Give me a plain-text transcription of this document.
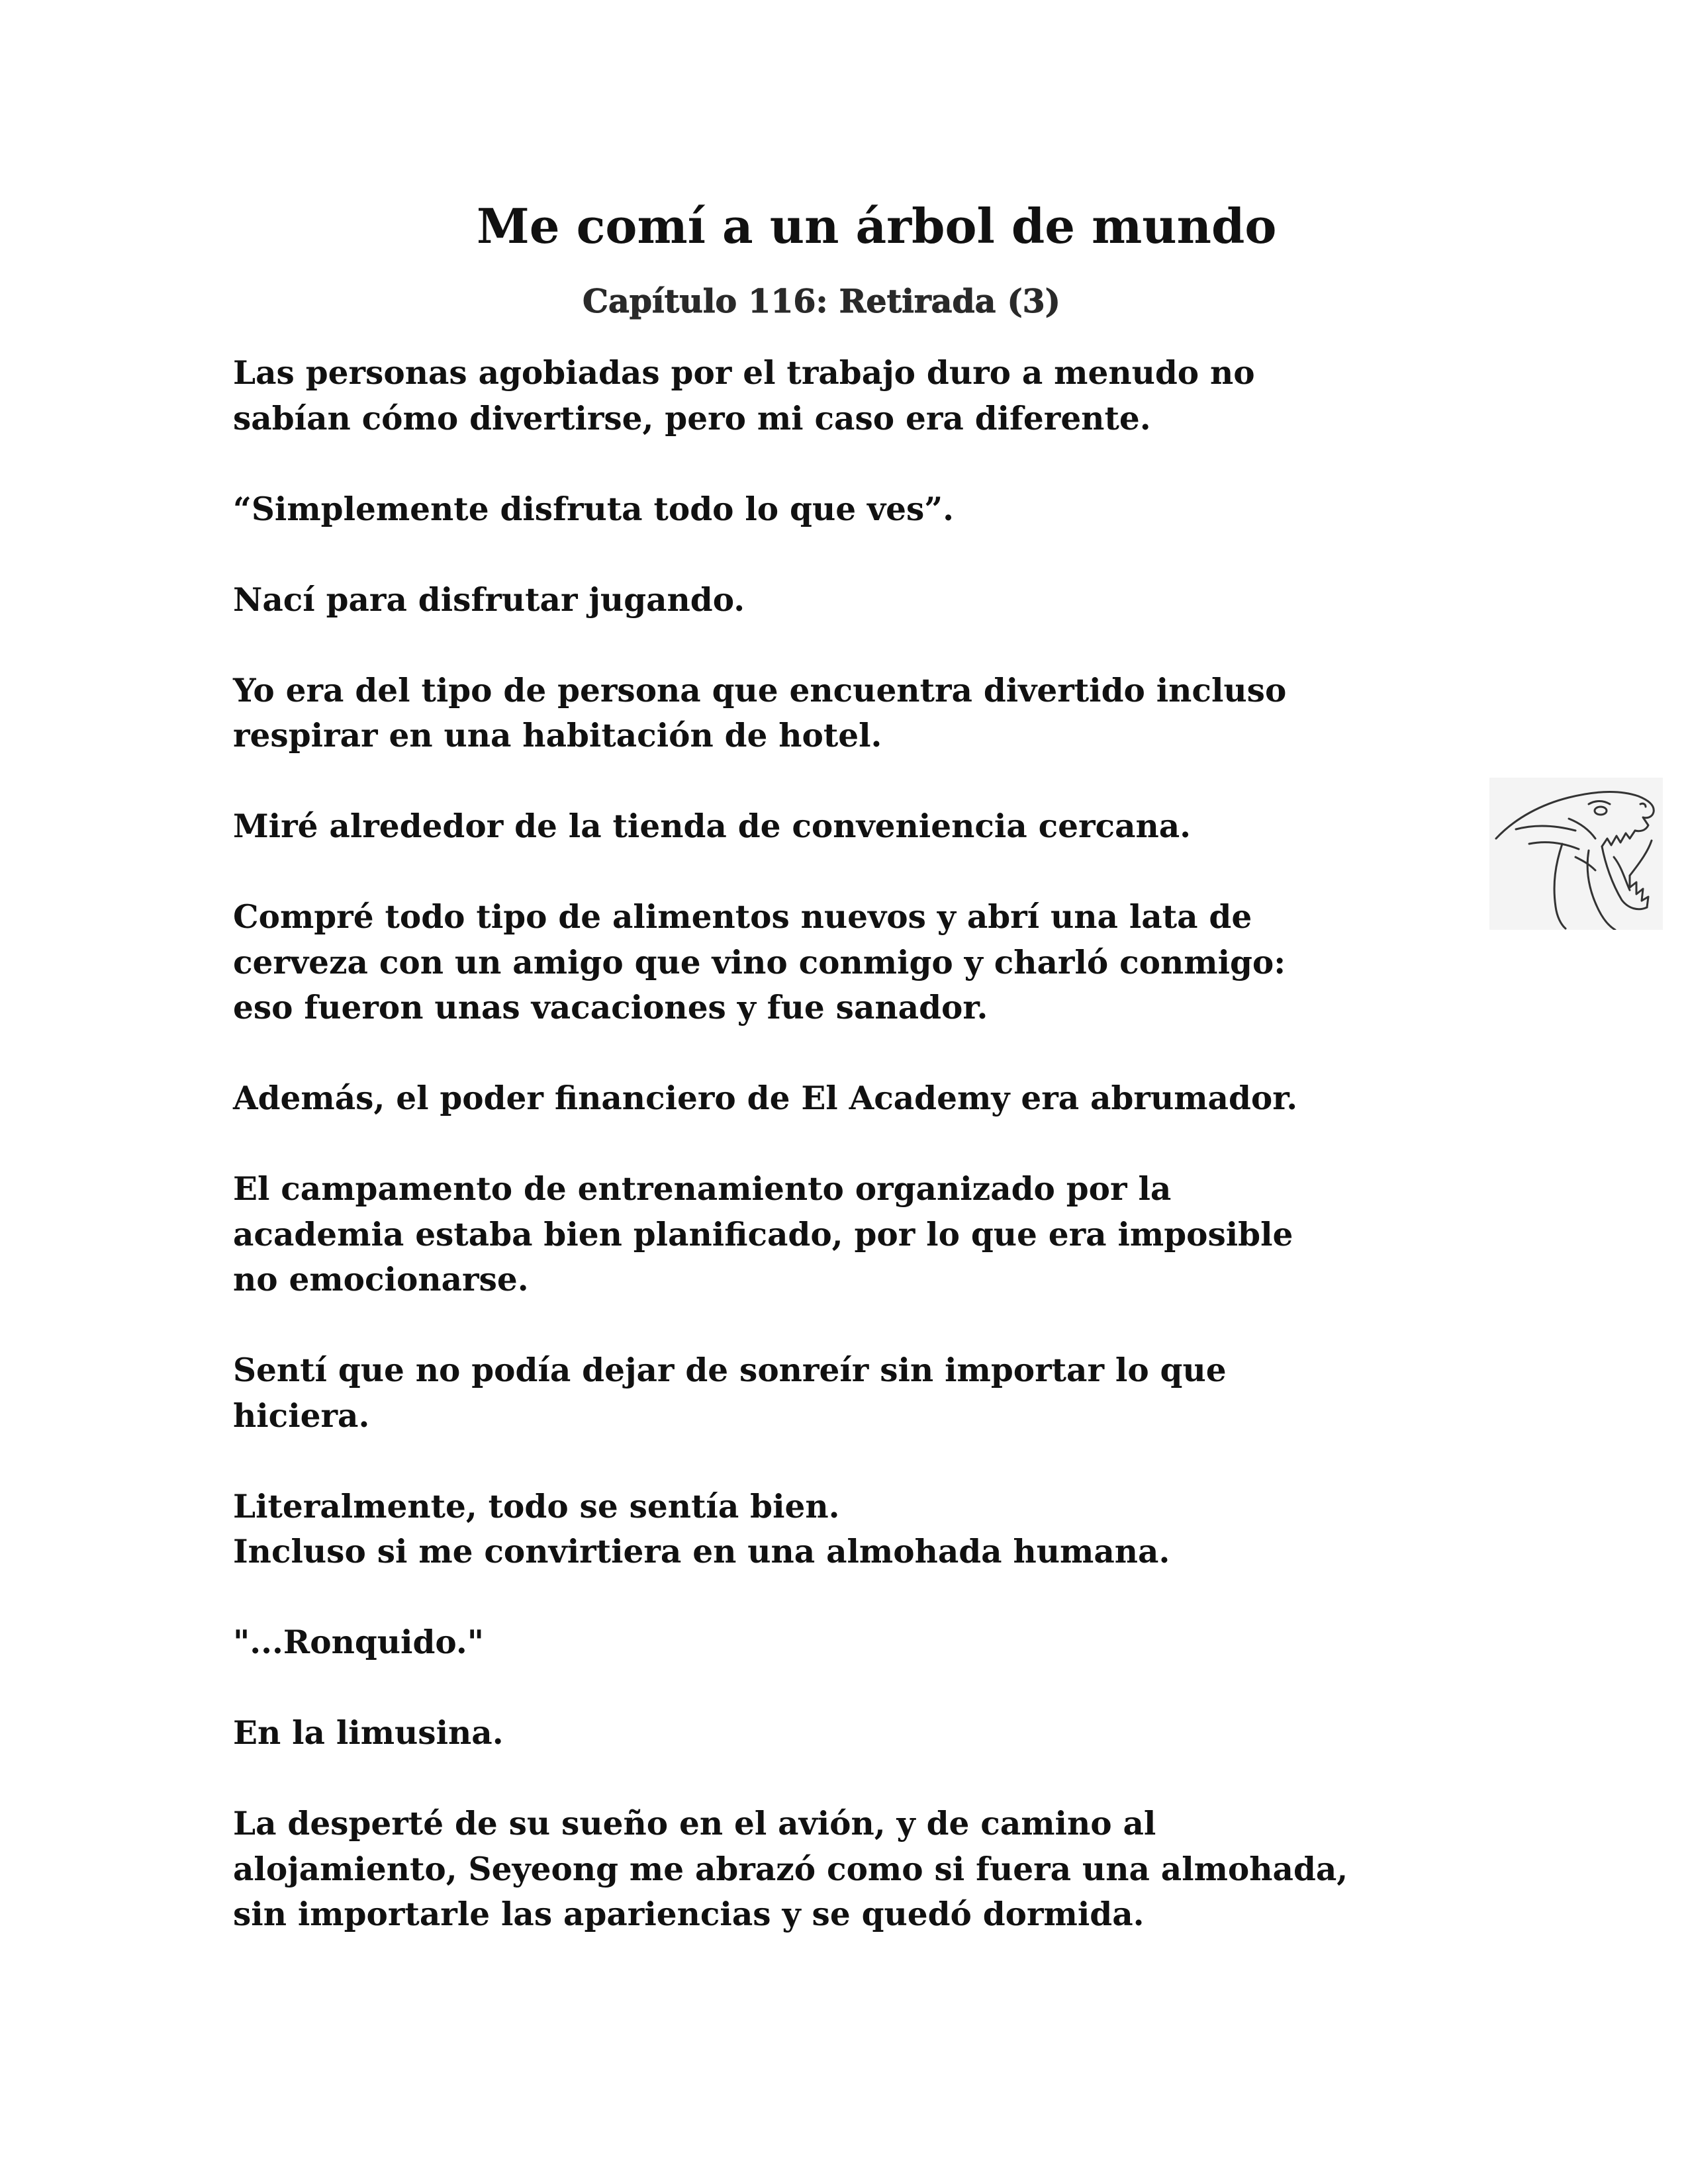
Me comí a un árbol de mundo
Capítulo 116: Retirada (3)

Las personas agobiadas por el trabajo duro a menudo no
sabían cómo divertirse, pero mi caso era diferente.

“Simplemente disfruta todo lo que ves”.

Nací para disfrutar jugando.

Yo era del tipo de persona que encuentra divertido incluso
respirar en una habitación de hotel.

Miré alrededor de la tienda de conveniencia cercana.

Compré todo tipo de alimentos nuevos y abrí una lata de
cerveza con un amigo que vino conmigo y charló conmigo:
eso fueron unas vacaciones y fue sanador.

Además, el poder financiero de El Academy era abrumador.

El campamento de entrenamiento organizado por la
academia estaba bien planificado, por lo que era imposible
no emocionarse.

Sentí que no podía dejar de sonreír sin importar lo que
hiciera.

Literalmente, todo se sentía bien.
Incluso si me convirtiera en una almohada humana.

"...Ronquido."

En la limusina.

La desperté de su sueño en el avión, y de camino al
alojamiento, Seyeong me abrazó como si fuera una almohada,
sin importarle las apariencias y se quedó dormida.
